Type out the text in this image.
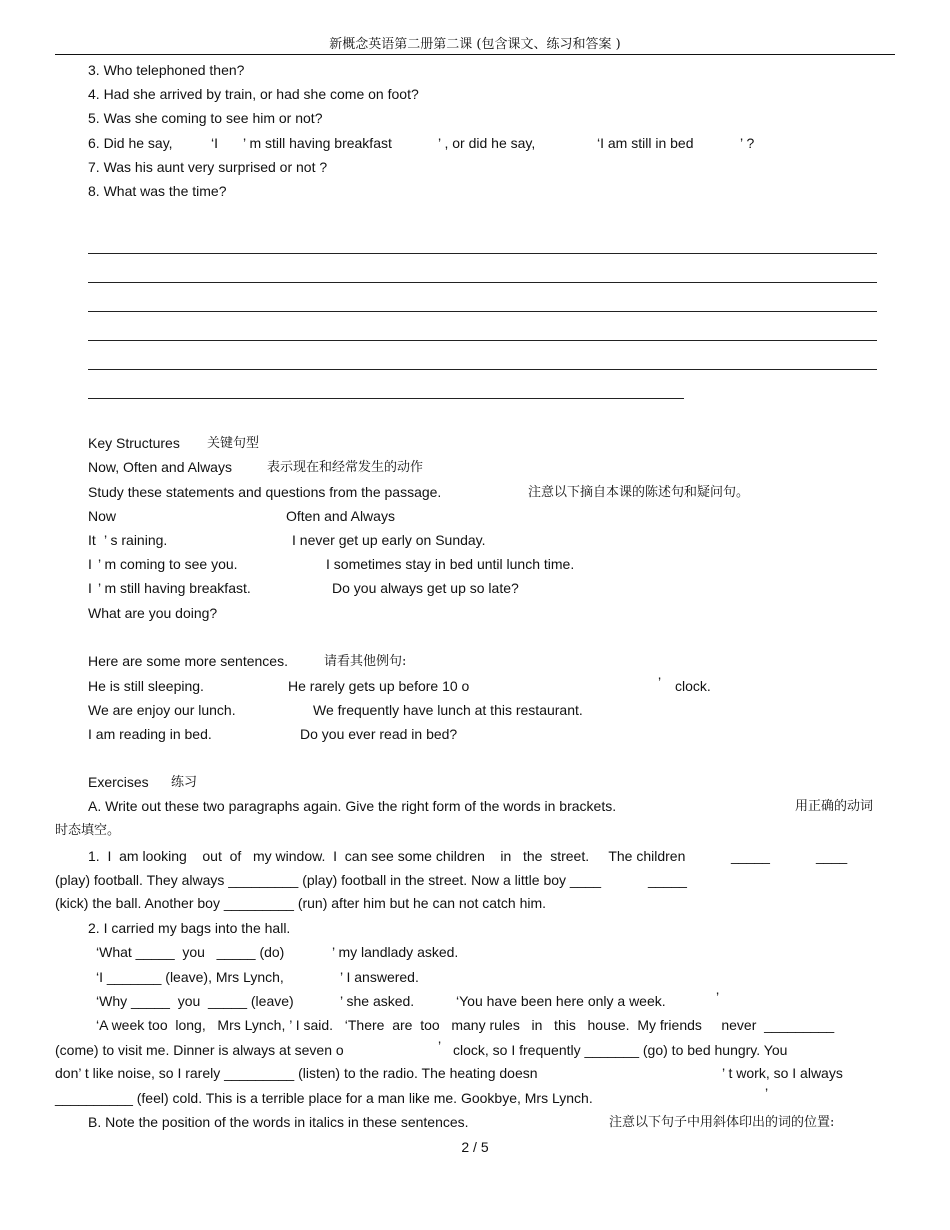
新概念英语第二册第二课 (包含课文、练习和答案 )
3. Who telephoned then?
4. Had she arrived by train, or had she come on foot?
5. Was she coming to see him or not?
6. Did he say,	‘I ’ m still having breakfast	’ , or did he say,	‘I am still in bed	’ ?
7. Was his aunt very surprised or not ?
8. What was the time?
Key Structures 关键句型
Now, Often and Always	表示现在和经常发生的动作
Study these statements and questions from the passage.	注意以下摘自本课的陈述句和疑问句。
Now	Often and Always
It ’ s raining.	I never get up early on Sunday.
I ’ m coming to see you.	I sometimes stay in bed until lunch time.
I ’ m still having breakfast.	Do you always get up so late?
What are you doing?
Here are some more sentences.	请看其他例句:
He is still sleeping.	He rarely gets up before 10 o	’ clock.
We are enjoy our lunch.	We frequently have lunch at this restaurant.
I am reading in bed.	Do you ever read in bed?
Exercises 练习
A. Write out these two paragraphs again. Give the right form of the words in brackets.	用正确的动词
时态填空。
1.  I  am looking    out  of   my window.  I  can see some children    in   the  street.     The children	_____	____
(play) football. They always _________ (play) football in the street. Now a little boy ____	_____
(kick) the ball. Another boy _________ (run) after him but he can not catch him.
2. I carried my bags into the hall.
‘What _____  you   _____ (do)	’ my landlady asked.
‘I _______ (leave), Mrs Lynch,	’ I answered.
‘Why _____  you  _____ (leave)	’ she asked.	‘You have been here only a week.	’
‘A week too  long,   Mrs Lynch, ’ I said.   ‘There  are  too   many rules   in   this   house.  My friends     never  _________
(come) to visit me. Dinner is always at seven o	’ clock, so I frequently _______ (go) to bed hungry. You
don’ t like noise, so I rarely _________ (listen) to the radio. The heating doesn	’ t work, so I always
__________ (feel) cold. This is a terrible place for a man like me. Gookbye, Mrs Lynch.	’
B. Note the position of the words in italics in these sentences.	注意以下句子中用斜体印出的词的位置:
2 / 5
